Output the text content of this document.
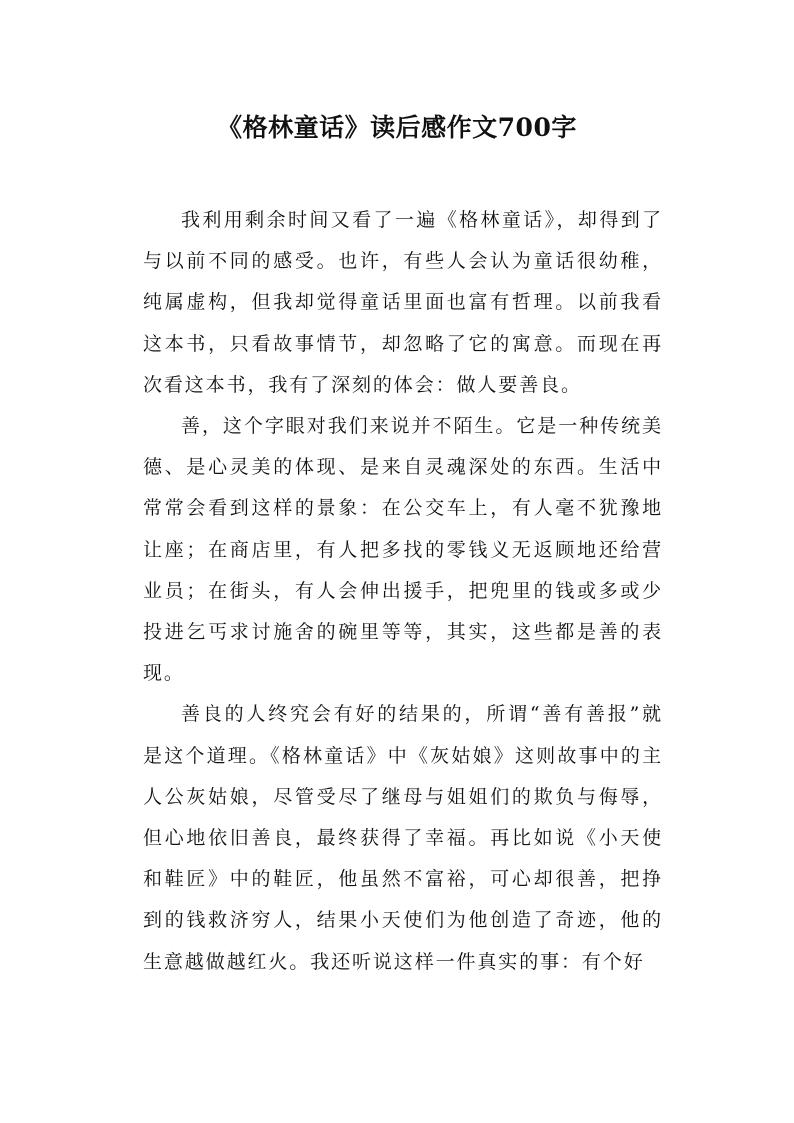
《格林童话》读后感作文700字

我利用剩余时间又看了一遍《格林童话》，却得到了与以前不同的感受。也许，有些人会认为童话很幼稚，纯属虚构，但我却觉得童话里面也富有哲理。以前我看这本书，只看故事情节，却忽略了它的寓意。而现在再次看这本书，我有了深刻的体会：做人要善良。

善，这个字眼对我们来说并不陌生。它是一种传统美德、是心灵美的体现、是来自灵魂深处的东西。生活中常常会看到这样的景象：在公交车上，有人毫不犹豫地让座；在商店里，有人把多找的零钱义无返顾地还给营业员；在街头，有人会伸出援手，把兜里的钱或多或少投进乞丐求讨施舍的碗里等等，其实，这些都是善的表现。

善良的人终究会有好的结果的，所谓“善有善报”就是这个道理。《格林童话》中《灰姑娘》这则故事中的主人公灰姑娘，尽管受尽了继母与姐姐们的欺负与侮辱，但心地依旧善良，最终获得了幸福。再比如说《小天使和鞋匠》中的鞋匠，他虽然不富裕，可心却很善，把挣到的钱救济穷人，结果小天使们为他创造了奇迹，他的生意越做越红火。我还听说这样一件真实的事：有个好
